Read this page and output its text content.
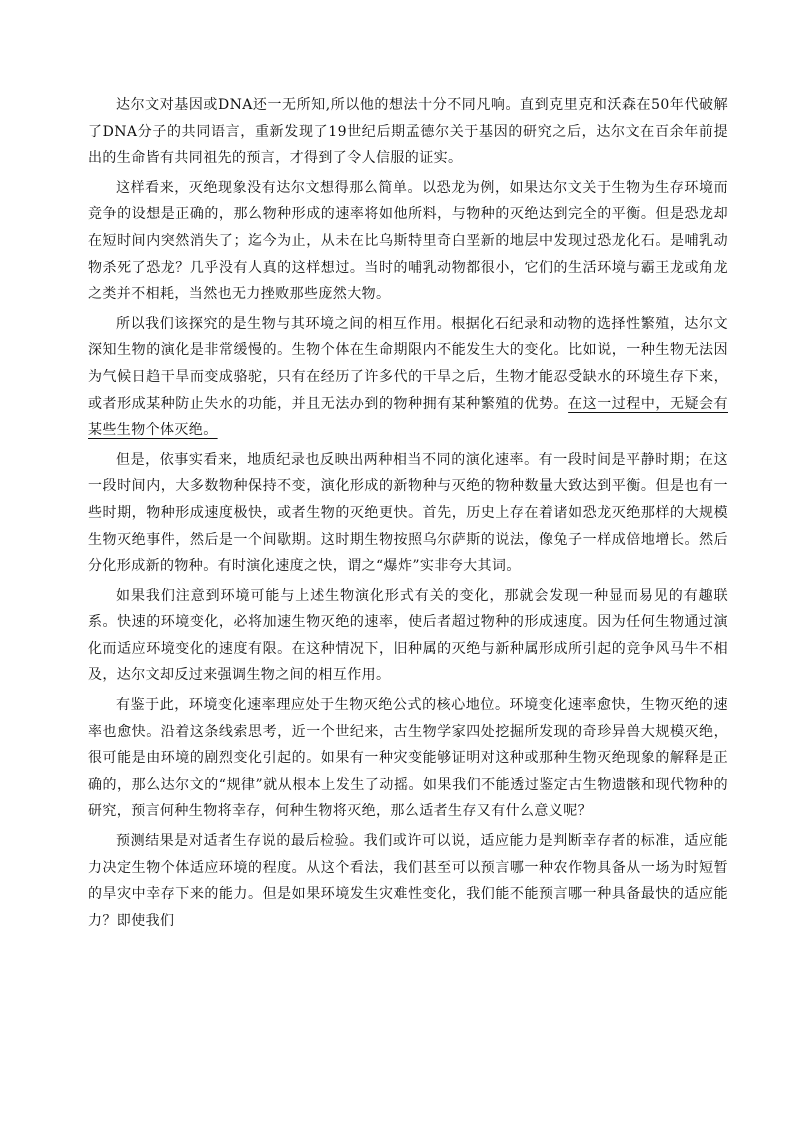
达尔文对基因或DNA还一无所知,所以他的想法十分不同凡响。直到克里克和沃森在50年代破解了DNA分子的共同语言，重新发现了19世纪后期孟德尔关于基因的研究之后，达尔文在百余年前提出的生命皆有共同祖先的预言，才得到了令人信服的证实。

这样看来，灭绝现象没有达尔文想得那么简单。以恐龙为例，如果达尔文关于生物为生存环境而竞争的设想是正确的，那么物种形成的速率将如他所料，与物种的灭绝达到完全的平衡。但是恐龙却在短时间内突然消失了；迄今为止，从未在比乌斯特里奇白垩新的地层中发现过恐龙化石。是哺乳动物杀死了恐龙？几乎没有人真的这样想过。当时的哺乳动物都很小，它们的生活环境与霸王龙或角龙之类并不相耗，当然也无力挫败那些庞然大物。

所以我们该探究的是生物与其环境之间的相互作用。根据化石纪录和动物的选择性繁殖，达尔文深知生物的演化是非常缓慢的。生物个体在生命期限内不能发生大的变化。比如说，一种生物无法因为气候日趋干旱而变成骆驼，只有在经历了许多代的干旱之后，生物才能忍受缺水的环境生存下来，或者形成某种防止失水的功能，并且无法办到的物种拥有某种繁殖的优势。在这一过程中，无疑会有某些生物个体灭绝。

但是，依事实看来，地质纪录也反映出两种相当不同的演化速率。有一段时间是平静时期；在这一段时间内，大多数物种保持不变，演化形成的新物种与灭绝的物种数量大致达到平衡。但是也有一些时期，物种形成速度极快，或者生物的灭绝更快。首先，历史上存在着诸如恐龙灭绝那样的大规模生物灭绝事件，然后是一个间歇期。这时期生物按照乌尔萨斯的说法，像兔子一样成倍地增长。然后分化形成新的物种。有时演化速度之快，谓之“爆炸”实非夸大其词。

如果我们注意到环境可能与上述生物演化形式有关的变化，那就会发现一种显而易见的有趣联系。快速的环境变化，必将加速生物灭绝的速率，使后者超过物种的形成速度。因为任何生物通过演化而适应环境变化的速度有限。在这种情况下，旧种属的灭绝与新种属形成所引起的竞争风马牛不相及，达尔文却反过来强调生物之间的相互作用。

有鉴于此，环境变化速率理应处于生物灭绝公式的核心地位。环境变化速率愈快，生物灭绝的速率也愈快。沿着这条线索思考，近一个世纪来，古生物学家四处挖掘所发现的奇珍异兽大规模灭绝，很可能是由环境的剧烈变化引起的。如果有一种灾变能够证明对这种或那种生物灭绝现象的解释是正确的，那么达尔文的“规律”就从根本上发生了动摇。如果我们不能透过鉴定古生物遗骸和现代物种的研究，预言何种生物将幸存，何种生物将灭绝，那么适者生存又有什么意义呢？

预测结果是对适者生存说的最后检验。我们或许可以说，适应能力是判断幸存者的标准，适应能力决定生物个体适应环境的程度。从这个看法，我们甚至可以预言哪一种农作物具备从一场为时短暂的旱灾中幸存下来的能力。但是如果环境发生灾难性变化，我们能不能预言哪一种具备最快的适应能力？即使我们
